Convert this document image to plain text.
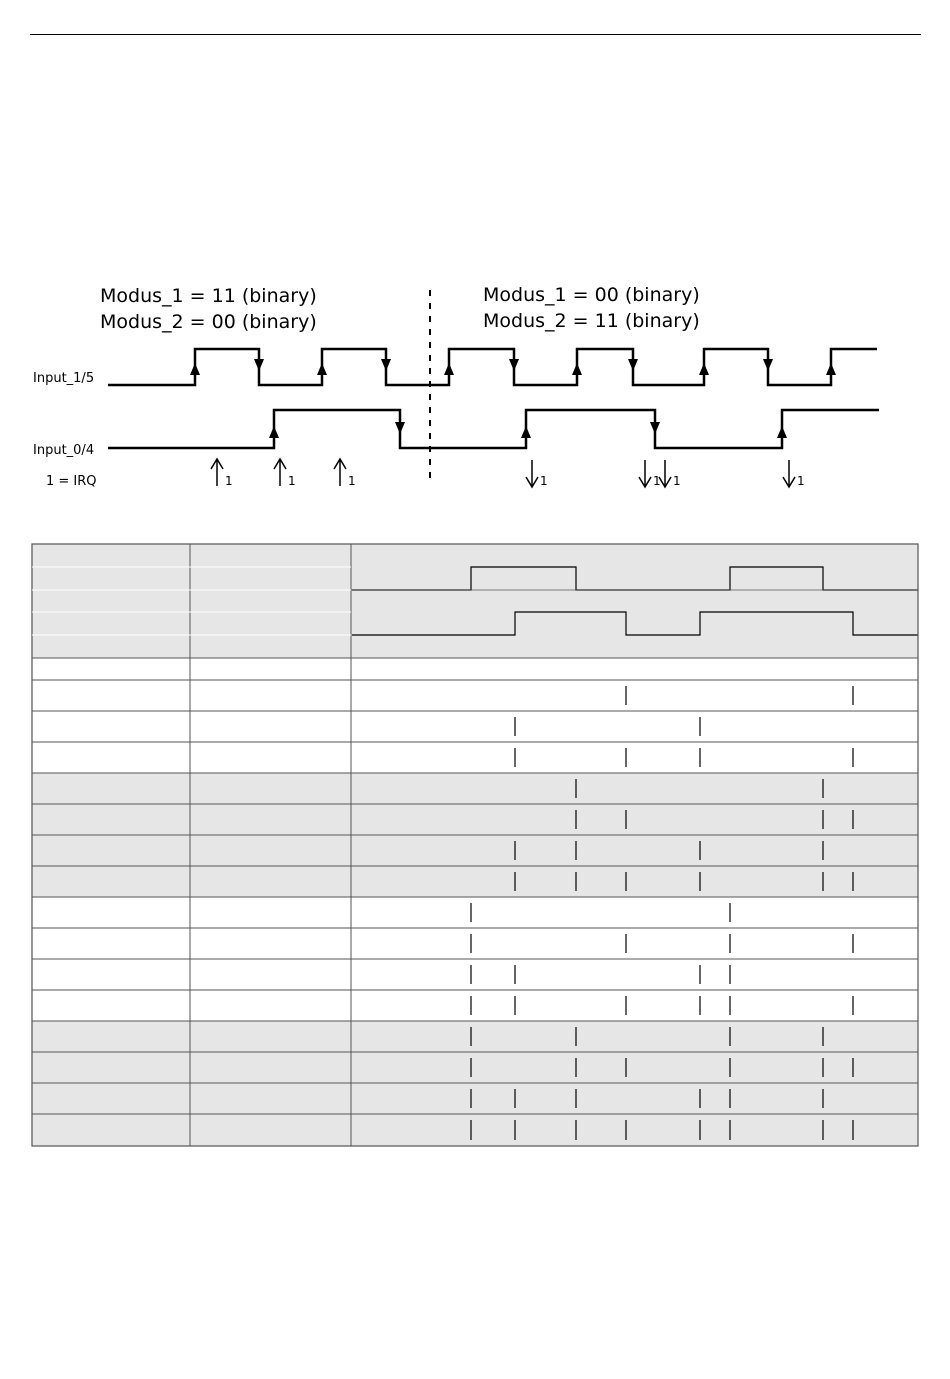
Modus_1 = 11 (binary)
Modus_2 = 00 (binary)
Modus_1 = 00 (binary)
Modus_2 = 11 (binary)
Input_1/5
Input_0/4
1 = IRQ	1	1	1	1	1 1	1
